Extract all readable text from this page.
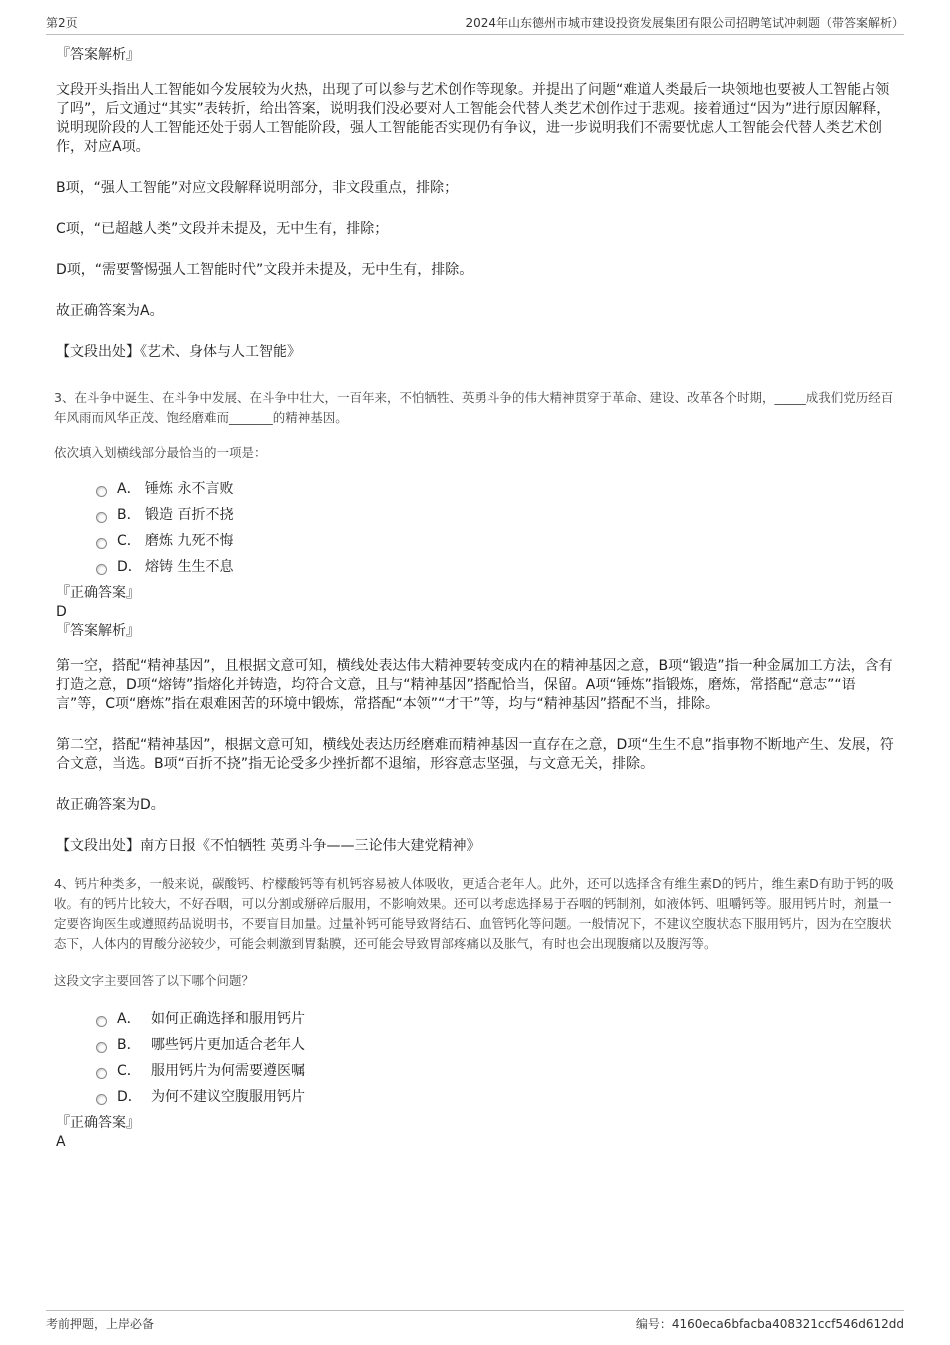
第2页	2024年山东德州市城市建设投资发展集团有限公司招聘笔试冲刺题（带答案解析）
『答案解析』
文段开头指出人工智能如今发展较为火热，出现了可以参与艺术创作等现象。并提出了问题“难道人类最后一块领地也要被人工智能占领了吗”，后文通过“其实”表转折，给出答案，说明我们没必要对人工智能会代替人类艺术创作过于悲观。接着通过“因为”进行原因解释，说明现阶段的人工智能还处于弱人工智能阶段，强人工智能能否实现仍有争议，进一步说明我们不需要忧虑人工智能会代替人类艺术创作，对应A项。
B项，“强人工智能”对应文段解释说明部分，非文段重点，排除；
C项，“已超越人类”文段并未提及，无中生有，排除；
D项，“需要警惕强人工智能时代”文段并未提及，无中生有，排除。
故正确答案为A。
【文段出处】《艺术、身体与人工智能》
3、在斗争中诞生、在斗争中发展、在斗争中壮大，一百年来，不怕牺牲、英勇斗争的伟大精神贯穿于革命、建设、改革各个时期，_____成我们党历经百年风雨而风华正茂、饱经磨难而_______的精神基因。
依次填入划横线部分最恰当的一项是：
A． 锤炼 永不言败
B． 锻造 百折不挠
C． 磨炼 九死不悔
D． 熔铸 生生不息
『正确答案』
D
『答案解析』
第一空，搭配“精神基因”，且根据文意可知，横线处表达伟大精神要转变成内在的精神基因之意，B项“锻造”指一种金属加工方法，含有打造之意，D项“熔铸”指熔化并铸造，均符合文意，且与“精神基因”搭配恰当，保留。A项“锤炼”指锻炼，磨炼，常搭配“意志”“语言”等，C项“磨炼”指在艰难困苦的环境中锻炼，常搭配“本领”“才干”等，均与“精神基因”搭配不当，排除。
第二空，搭配“精神基因”，根据文意可知，横线处表达历经磨难而精神基因一直存在之意，D项“生生不息”指事物不断地产生、发展，符合文意，当选。B项“百折不挠”指无论受多少挫折都不退缩，形容意志坚强，与文意无关，排除。
故正确答案为D。
【文段出处】南方日报《不怕牺牲 英勇斗争——三论伟大建党精神》
4、钙片种类多，一般来说，碳酸钙、柠檬酸钙等有机钙容易被人体吸收，更适合老年人。此外，还可以选择含有维生素D的钙片，维生素D有助于钙的吸收。有的钙片比较大，不好吞咽，可以分割或掰碎后服用，不影响效果。还可以考虑选择易于吞咽的钙制剂，如液体钙、咀嚼钙等。服用钙片时，剂量一定要咨询医生或遵照药品说明书，不要盲目加量。过量补钙可能导致肾结石、血管钙化等问题。一般情况下，不建议空腹状态下服用钙片，因为在空腹状态下，人体内的胃酸分泌较少，可能会刺激到胃黏膜，还可能会导致胃部疼痛以及胀气，有时也会出现腹痛以及腹泻等。
这段文字主要回答了以下哪个问题？
A． 如何正确选择和服用钙片
B． 哪些钙片更加适合老年人
C． 服用钙片为何需要遵医嘱
D． 为何不建议空腹服用钙片
『正确答案』
A
考前押题，上岸必备	编号：4160eca6bfacba408321ccf546d612dd
